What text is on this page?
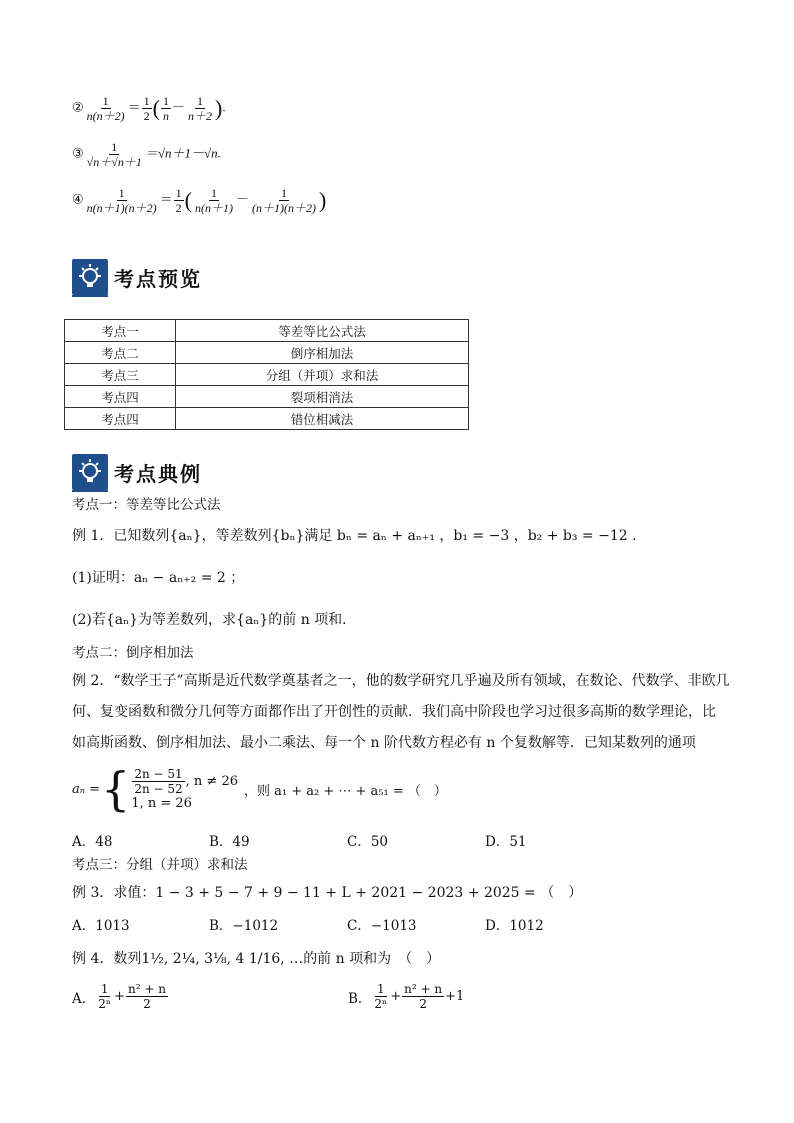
② $\frac{1}{n(n+2)} = \frac{1}{2}$ ( $\frac{1}{n} - \frac{1}{n+2}$ ).
③ $\frac{1}{√n+√n+1} =√n+1-√n$.
④ $\frac{1}{n(n+1)(n+2)} = \frac{1}{2}$ ( $\frac{1}{n(n+1)} - \frac{1}{(n+1)(n+2)}$ )
考点预览
考点一	等差等比公式法
考点二	倒序相加法
考点三	分组（并项）求和法
考点四	裂项相消法
考点四	错位相减法
考点典例
考点一：等差等比公式法
例 1．已知数列{aₙ}，等差数列{bₙ}满足 bₙ = aₙ + aₙ₊₁ ，b₁ = −3 ，b₂ + b₃ = −12 .
(1)证明：aₙ − aₙ₊₂ = 2 ；
(2)若{aₙ}为等差数列，求{aₙ}的前 n 项和．
考点二：倒序相加法
例 2．“数学王子”高斯是近代数学奠基者之一，他的数学研究几乎遍及所有领域，在数论、代数学、非欧几
何、复变函数和微分几何等方面都作出了开创性的贡献．我们高中阶段也学习过很多高斯的数学理论，比
如高斯函数、倒序相加法、最小二乘法、每一个 n 阶代数方程必有 n 个复数解等．已知某数列的通项
aₙ = { $\frac{2n - 51}{2n - 52}$ , n ≠ 26
1, n = 26
，则 a₁ + a₂ + ⋯ + a₅₁ = （　）
A．48	B．49	C．50	D．51
考点三：分组（并项）求和法
例 3．求值：1 − 3 + 5 − 7 + 9 − 11 + L + 2021 − 2023 + 2025 = （　）
A．1013	B．−1012	C．−1013	D．1012
例 4．数列1½, 2¼, 3⅛, 4 1/16, …的前 n 项和为　（　）
A． $\frac{1}{\text{2ⁿ}} + \frac{\text{n² + n}}{2}$	B． $\frac{1}{\text{2ⁿ}} + \frac{\text{n² + n}}{2} +1$
